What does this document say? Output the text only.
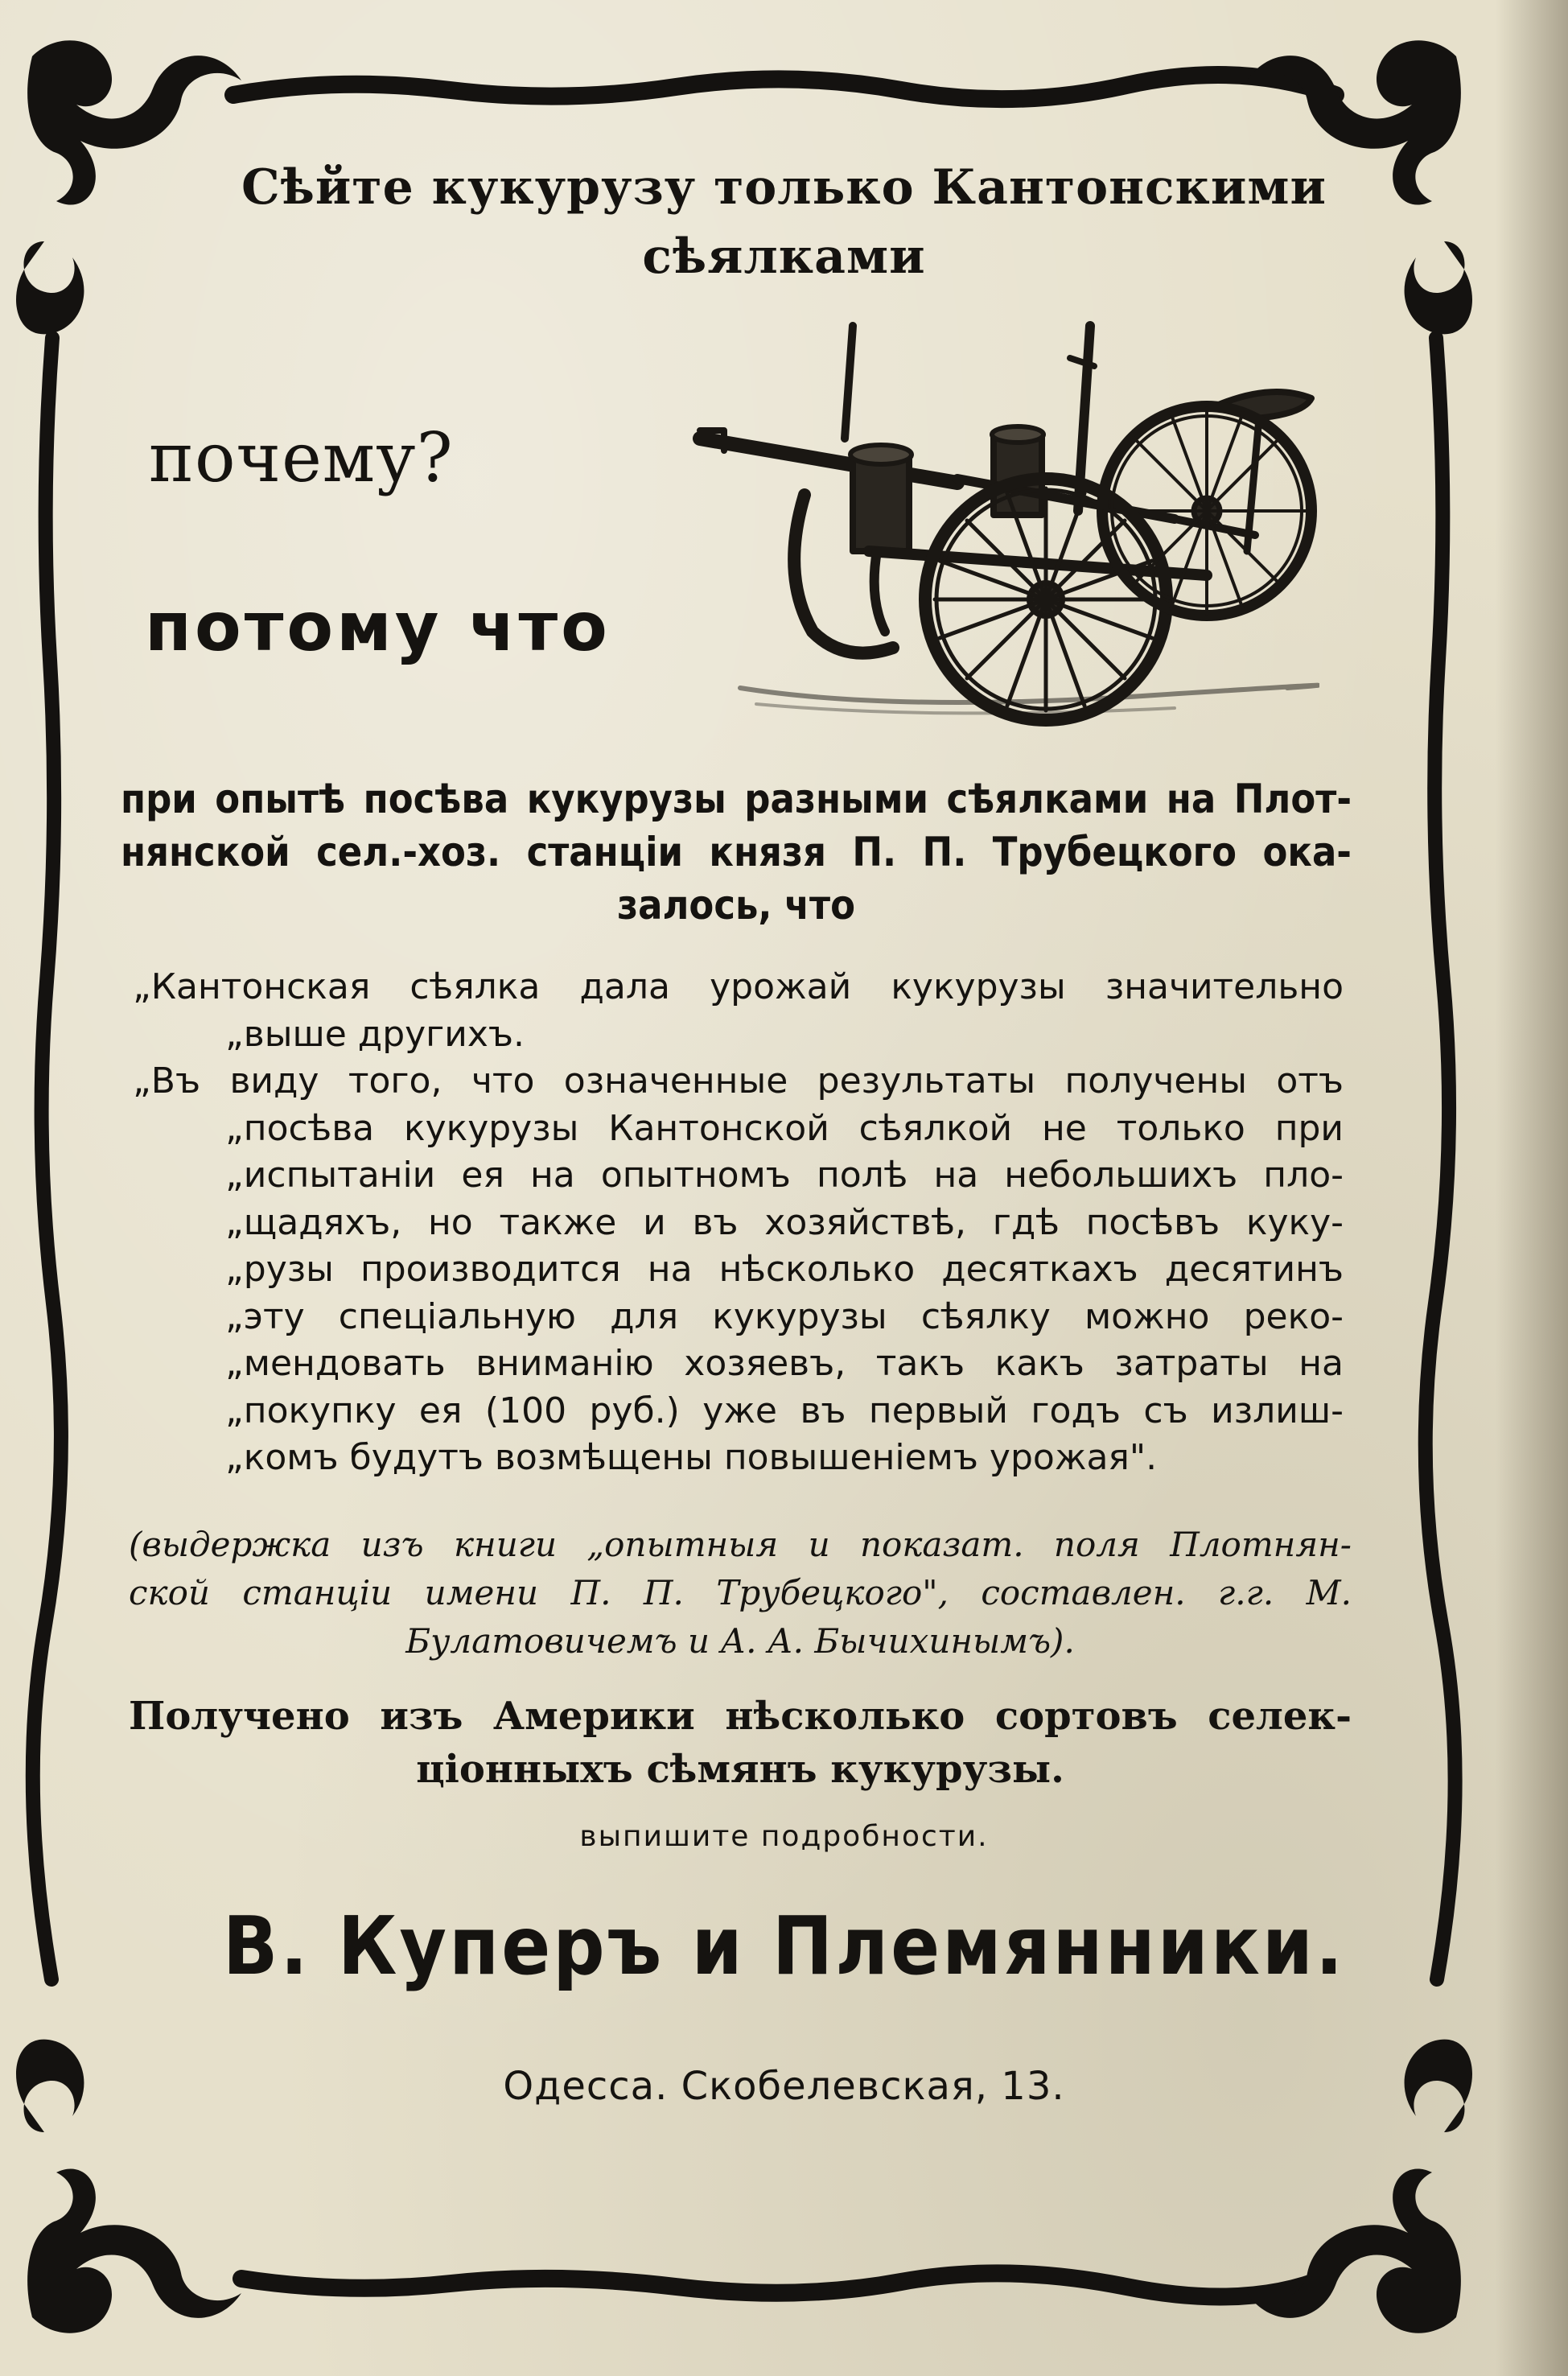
Сѣйте кукурузу только Кантонскими
сѣялками
почему?
потому что
при опытѣ посѣва кукурузы разными сѣялками на Плот-
нянской сел.-хоз. станціи князя П. П. Трубецкого ока-
залось, что
„Кантонская сѣялка дала урожай кукурузы значительно
„выше другихъ.
„Въ виду того, что означенные результаты получены отъ
„посѣва кукурузы Кантонской сѣялкой не только при
„испытаніи ея на опытномъ полѣ на небольшихъ пло-
„щадяхъ, но также и въ хозяйствѣ, гдѣ посѣвъ куку-
„рузы производится на нѣсколько десяткахъ десятинъ
„эту спеціальную для кукурузы сѣялку можно реко-
„мендовать вниманію хозяевъ, такъ какъ затраты на
„покупку ея (100 руб.) уже въ первый годъ съ излиш-
„комъ будутъ возмѣщены повышеніемъ урожая".
(выдержка изъ книги „опытныя и показат. поля Плотнян-
ской станціи имени П. П. Трубецкого", составлен. г.г. М.
Булатовичемъ и А. А. Бычихинымъ).
Получено изъ Америки нѣсколько сортовъ селек-
ціонныхъ сѣмянъ кукурузы.
выпишите подробности.
В. Куперъ и Племянники.
Одесса. Скобелевская, 13.
